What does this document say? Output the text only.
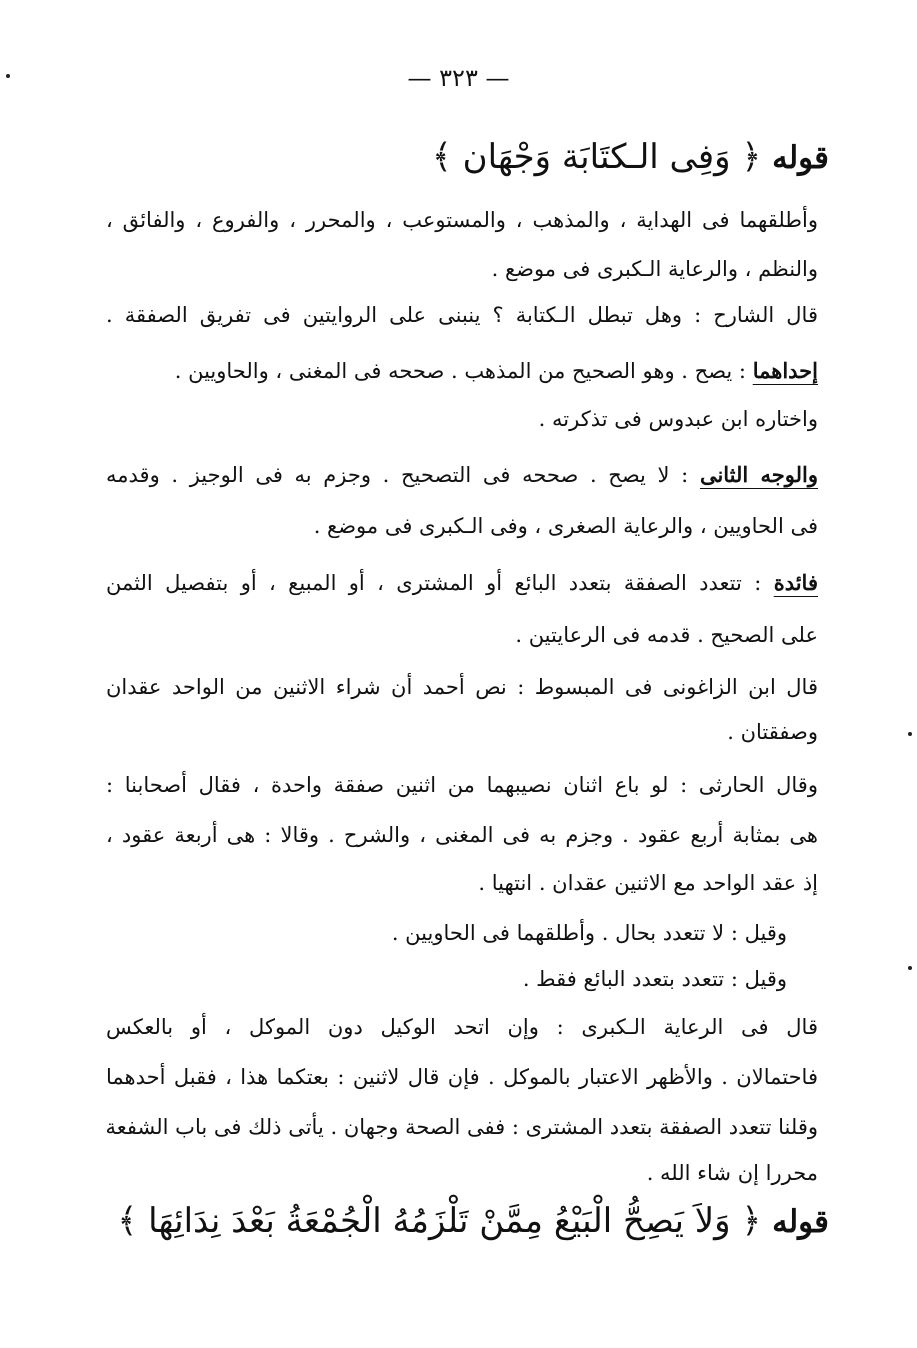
— ٣٢٣ —
قوله ﴿ وَفِى الـكتَابَة وَجْهَان ﴾
وأطلقهما فى الهداية ، والمذهب ، والمستوعب ، والمحرر ، والفروع ، والفائق ،
والنظم ، والرعاية الـكبرى فى موضع .
قال الشارح : وهل تبطل الـكتابة ؟ ينبنى على الروايتين فى تفريق الصفقة .
إحداهما : يصح . وهو الصحيح من المذهب . صححه فى المغنى ، والحاويين .
واختاره ابن عبدوس فى تذكرته .
والوجه الثانى : لا يصح . صححه فى التصحيح . وجزم به فى الوجيز . وقدمه
فى الحاويين ، والرعاية الصغرى ، وفى الـكبرى فى موضع .
فائدة : تتعدد الصفقة بتعدد البائع أو المشترى ، أو المبيع ، أو بتفصيل الثمن
على الصحيح . قدمه فى الرعايتين .
قال ابن الزاغونى فى المبسوط : نص أحمد أن شراء الاثنين من الواحد عقدان
وصفقتان .
وقال الحارثى : لو باع اثنان نصيبهما من اثنين صفقة واحدة ، فقال أصحابنا :
هى بمثابة أربع عقود . وجزم به فى المغنى ، والشرح . وقالا : هى أربعة عقود ،
إذ عقد الواحد مع الاثنين عقدان . انتهيا .
وقيل : لا تتعدد بحال . وأطلقهما فى الحاويين .
وقيل : تتعدد بتعدد البائع فقط .
قال فى الرعاية الـكبرى : وإن اتحد الوكيل دون الموكل ، أو بالعكس
فاحتمالان . والأظهر الاعتبار بالموكل . فإن قال لاثنين : بعتكما هذا ، فقبل أحدهما
وقلنا تتعدد الصفقة بتعدد المشترى : ففى الصحة وجهان . يأتى ذلك فى باب الشفعة
محررا إن شاء الله .
قوله ﴿ وَلاَ يَصِحُّ الْبَيْعُ مِمَّنْ تَلْزَمُهُ الْجُمْعَةُ بَعْدَ نِدَائِهَا ﴾
